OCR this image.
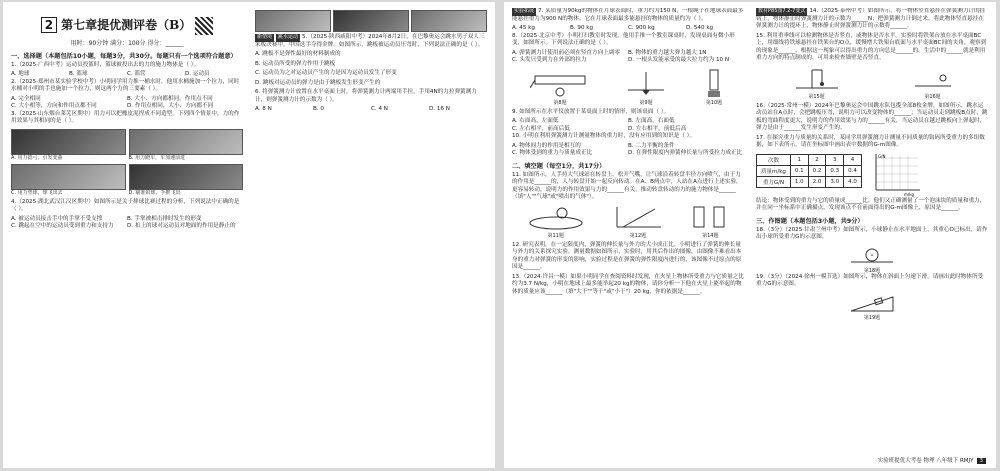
2 第七章提优测评卷（B）
用时：90分钟 满分：100分 得分：______
一、选择题（本题包括10小题，每题3分，共30分。每题只有一个选项符合题意）
1.（2025·广西中考）运动员投篮时，篮球被投出去的力的施力物体是（ ）。
A. 地球	B. 篮球	C. 篮筐	D. 运动员
2.（2025·郑州市某实验学校中考）小明同学用力推一桶水时，他用水桶施加一个拉力，同时水桶对小明的手也施加一个拉力，则这两个力的三要素（ ）。
A. 完全相同	B. 大小、方向都相同，作用点不同
C. 大小相等，方向和作用点都不同	D. 作用点相同，大小、方向都不同
3.（2025·山东烟台莱芜区期中）用力可以把橡皮泥捏成不同造型。下列四个情景中，力的作用效果与其相同的是（ ）。
A. 用力捻弓，引发变曲	B. 用力蹬车，车加速前进
C. 用力垫球，球飞出去	D. 瞄准铅球，手推飞出
4.（2025·湖北武汉江汉区期中）如图所示是关于排球比赛过程的分析，下列说法中正确的是（ ）。
A. 被运动员接击手中的手掌不受支撑	B. 手掌被相击排时发生的形变
C. 跳起在空中的运动员受到重力和支持力	D. 扣上的球对运动员对地面的作用是静止的
新情境 跳水运动 5.（2025·陕西咸阳中考）2024年8月2日，在巴黎奥运会跳水男子双人三米板决赛中，中国选手夺得金牌。如图所示，跳板被运动员压弯时，下列说法正确的是（ ）。
A. 跳板不是弹性最好的材料制成的
B. 运动员所受的弹力作用于跳板
C. 运动员为之对运动员产生的力是因为运动员发生了形变
D. 跳板对运动员的弹力是由于跳板发生形变产生的
6. 将弹簧测力计放置在水平桌面上时，将弹簧测力计两端用手拉，手用4N的力拉弹簧测力计，则弹簧测力计的示数为（ ）。
A. 8 N	B. 0	C. 4 N	D. 16 N
实验拓展 7. 某质量为90kg的物体在月球表面时，重力约为150 N，一根绳子在地球表面最多能悬挂重力为900 N的物体，它在月球表面最多能悬挂的物体的质量约为（ ）。
A. 45 kg	B. 90 kg	C. 900 kg	D. 540 kg
8.（2025·北京中考）小明打扫教室时发现，他用手推一个教室课桌时，发现桌面有微小形变，如图所示。下列说法正确的是（ ）。
A. 弹簧测力计使用前必须在竖直方向上调零	B. 物体的重力越大弹力越大 1N
C. 头发只受到力在外部的拉力	D. 一根头发能承受的最大拉力约为 10 N
第8题	第9题	第10题
9. 如图所示在水平仪放置于某桌面上时的情形，则该桌面（ ）。
A. 右面高，左面低	B. 左面高，右面低
C. 左右相平，前高后低	D. 左右相平，前低后高
10. 小明在利用弹簧测力计测量物体的重力时，没有应用到的知识是（ ）。
A. 物体间力的作用是相互的	B. 二力平衡的条件
C. 物体受到的重力与质量成正比	D. 在弹性限度内弹簧伸长量与所受拉力成正比
二、填空题（每空1分，共17分）
11. 如图所示，人手持大气球站在转盘上，松开气嘴，让气球沿着转盘半径方向喷气，由于力的作用是______的，人与转盘开始一起反向转动。在A、B两点中，人站在A点进行上述实验，更容易转动，说明力的作用效果与力的______有关。推动转盘转动的力的施力物体是______（填"人""气球"或"喷出的气体"）。
第11题	第12题	第14题
12. 研究表明，在一定限度内，弹簧的伸长量与外力的大小成正比。小明进行了弹簧的伸长量与外力的关系探究实验，测量数据如图所示，实验时，用其后作出的图像，由图像不难看出本身的重力对弹簧的形变的影响，实验过程是在弹簧的弹性限度内进行的，该图像不过原点的原因是______。
13.（2024·许昌一模）如果小明同学在查阅资料时发现，在火星上物体所受重力与它质量之比约为3.7 N/kg，小明在地球上最多能举起20 kg的物体，请你分析一下他在火星上能举起的物体的质量应该______（填"大于""等于"或"小于"）20 kg，你的依据是______。
教材P85图7.2-7变式 14.（2025·泰州中考）如图所示，将一物体竖直悬挂在弹簧测力计的挂钩上，物体静止时弹簧测力计的示数为______N；把弹簧测力计倒过来，将此物体竖直悬挂在弹簧测力计的提环上，物体静止时弹簧测力计的示数将______。
15. 利用重垂线可以检测物体是否竖直，或物体是否水平。实验时将铁架台放在水平桌面BC上，用细线将铁球悬挂在铁架台的O点，缓慢增大铁架台底面与水平桌面BC间的夹角，观察到的现象是______，根据这一现象可以得出重力的方向总是______的。生活中的______就是利用重力方向的特点制成的，可用来检查墙壁是否竖直。
第15题	第16题
16.（2025·常州一模）2024年巴黎奥运会中国跳水队包揽全部8枚金牌，如图所示，跳水运动员站在A点时，会把跳板压弯，说明力可以改变物体的______；当运动员走到跳板B点时，跳板的弯曲程度更大，说明力的作用效果与力的______有关，当运动员在越过跳板向上弹起时，弹力是由于______发生形变产生的。
17. 在探究重力与质量的关系时，某同学用弹簧测力计测量不同质量的钩码所受重力的多组数据，如下表所示，请在坐标图中画出表中数据的G-m图像。
次数	1	2	3	4
质量m/kg	0.1	0.2	0.3	0.4
重力G/N	1.0	2.0	3.0	4.0
G/N
m/kg
结论：物体受到的重力与它的质量成______比。他们又正确测量了一个泡沫块的质量和重力，并在同一坐标系中正确描点，发现该点不在前面得出的G-m图像上，原因是______。
三、作图题（本题包括3小题，共9分）
18.（3分）（2025·甘肃兰州中考）如图所示，小球静止在水平地面上，其重心O已标出，请作出小球所受重力G的示意图。
第18题
19.（3分）（2024·徐州一模节选）如图所示，物体在斜面上匀速下滑，请画出此时物体所受重力G的示意图。
第19题
实验班提优大考卷 物理 八年级下 RMJY 3
